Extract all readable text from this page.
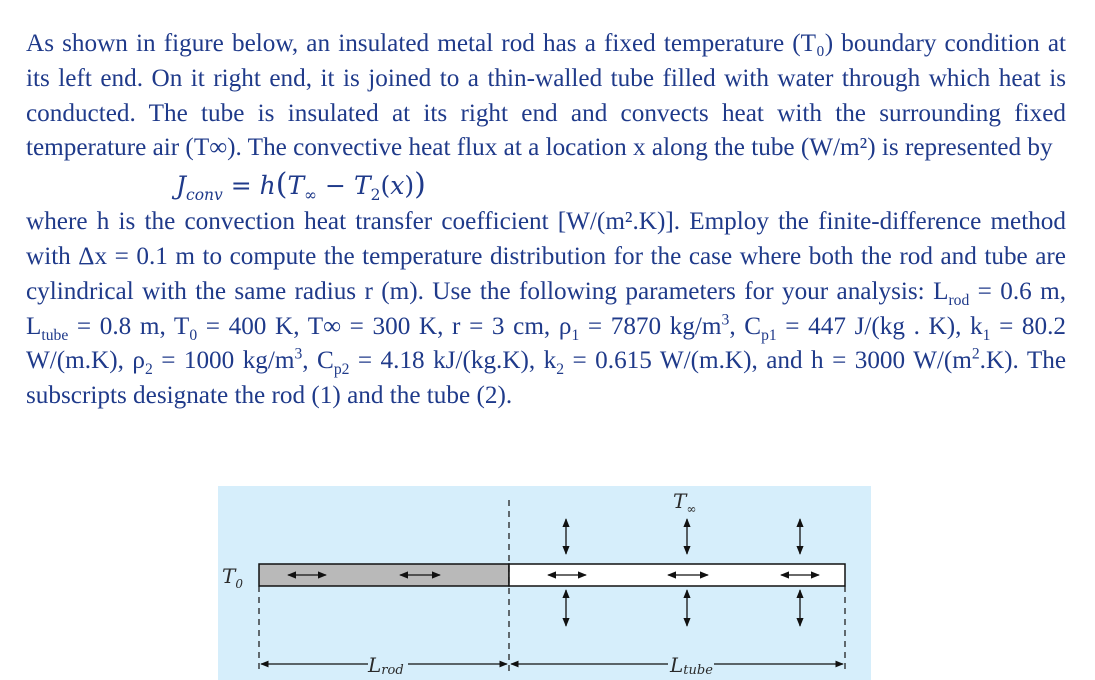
As shown in figure below, an insulated metal rod has a fixed temperature (T₀) boundary condition at its left end. On it right end, it is joined to a thin-walled tube filled with water through which heat is conducted. The tube is insulated at its right end and convects heat with the surrounding fixed temperature air (T∞). The convective heat flux at a location x along the tube (W/m²) is represented by

$J_{conv} = h(T_\infty - T_2(x))$

where h is the convection heat transfer coefficient [W/(m².K)]. Employ the finite-difference method with Δx = 0.1 m to compute the temperature distribution for the case where both the rod and tube are cylindrical with the same radius r (m). Use the following parameters for your analysis: $L_{rod} = 0.6$ m, $L_{tube} = 0.8$ m, $T_0 = 400$ K, T∞ = 300 K, r = 3 cm, $\rho_1 = 7870$ $kg/m^3$, $C_{p1} = 447$ J/(kg . K), $k_1 = 80.2$ W/(m.K), $\rho_2 = 1000$ $kg/m^3$, $C_{p2} = 4.18$ kJ/(kg.K), $k_2 = 0.615$ W/(m.K), and h = 3000 $W/(m^2.K)$. The subscripts designate the rod (1) and the tube (2).

$T_\infty$
$T_0$
Lrod	Ltube
